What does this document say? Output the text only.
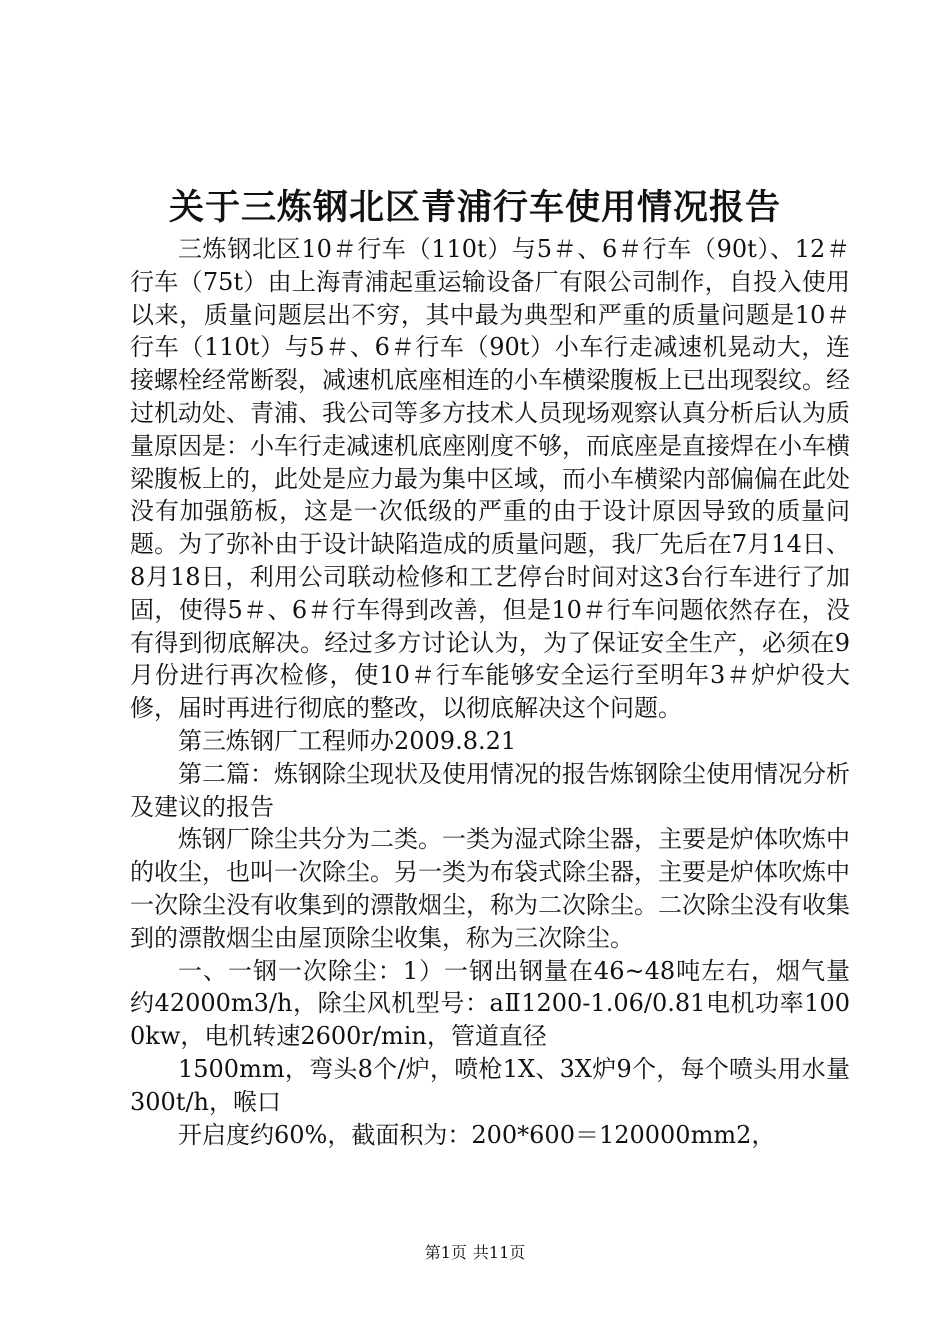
关于三炼钢北区青浦行车使用情况报告

三炼钢北区10＃行车（110t）与5＃、6＃行车（90t）、12＃行车（75t）由上海青浦起重运输设备厂有限公司制作，自投入使用以来，质量问题层出不穷，其中最为典型和严重的质量问题是10＃行车（110t）与5＃、6＃行车（90t）小车行走减速机晃动大，连接螺栓经常断裂，减速机底座相连的小车横梁腹板上已出现裂纹。经过机动处、青浦、我公司等多方技术人员现场观察认真分析后认为质量原因是：小车行走减速机底座刚度不够，而底座是直接焊在小车横梁腹板上的，此处是应力最为集中区域，而小车横梁内部偏偏在此处没有加强筋板，这是一次低级的严重的由于设计原因导致的质量问题。为了弥补由于设计缺陷造成的质量问题，我厂先后在7月14日、8月18日，利用公司联动检修和工艺停台时间对这3台行车进行了加固，使得5＃、6＃行车得到改善，但是10＃行车问题依然存在，没有得到彻底解决。经过多方讨论认为，为了保证安全生产，必须在9月份进行再次检修，使10＃行车能够安全运行至明年3＃炉炉役大修，届时再进行彻底的整改，以彻底解决这个问题。

第三炼钢厂工程师办2009.8.21

第二篇：炼钢除尘现状及使用情况的报告炼钢除尘使用情况分析及建议的报告

炼钢厂除尘共分为二类。一类为湿式除尘器，主要是炉体吹炼中的收尘，也叫一次除尘。另一类为布袋式除尘器，主要是炉体吹炼中一次除尘没有收集到的漂散烟尘，称为二次除尘。二次除尘没有收集到的漂散烟尘由屋顶除尘收集，称为三次除尘。

一、一钢一次除尘：1）一钢出钢量在46~48吨左右，烟气量约42000m3/h，除尘风机型号：aⅡ1200-1.06/0.81电机功率1000kw，电机转速2600r/min，管道直径

1500mm，弯头8个/炉，喷枪1X、3X炉9个，每个喷头用水量300t/h，喉口

开启度约60%，截面积为：200*600＝120000mm2，

第1页 共11页
